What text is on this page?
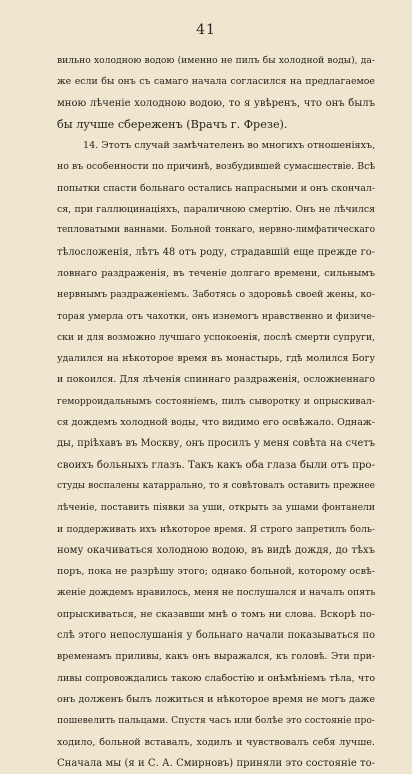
41
вильно холодною водою (именно не пилъ бы холодной воды), да-
же если бы онъ съ самаго начала согласился на предлагаемое
мною лѣченіе холодною водою, то я увѣренъ, что онъ былъ
бы лучше сбереженъ (Врачъ г. Фрезе).
14. Этотъ случай замѣчателенъ во многихъ отношеніяхъ,
но въ особенности по причинѣ, возбудившей сумасшествіе. Всѣ
попытки спасти больнаго остались напрасными и онъ скончал-
ся, при галлюцинаціяхъ, параличною смертію. Онъ не лѣчился
тепловатыми ваннами. Больной тонкаго, нервно-лимфатическаго
тѣлосложенія, лѣтъ 48 отъ роду, страдавшій еще прежде го-
ловнаго раздраженія, въ теченіе долгаго времени, сильнымъ
нервнымъ раздраженіемъ. Заботясь о здоровьѣ своей жены, ко-
торая умерла отъ чахотки, онъ изнемогъ нравственно и физиче-
ски и для возможно лучшаго успокоенія, послѣ смерти супруги,
удалился на нѣкоторое время въ монастырь, гдѣ молился Богу
и покоился. Для лѣченія спиннаго раздраженія, осложненнаго
геморроидальнымъ состояніемъ, пилъ сыворотку и опрыскивал-
ся дождемъ холодной воды, что видимо его освѣжало. Однаж-
ды, пріѣхавъ въ Москву, онъ просилъ у меня совѣта на счетъ
своихъ больныхъ глазъ. Такъ какъ оба глаза были отъ про-
студы воспалены катаррально, то я совѣтовалъ оставить прежнее
лѣченіе, поставить піявки за уши, открыть за ушами фонтанели
и поддерживать ихъ нѣкоторое время. Я строго запретилъ боль-
ному окачиваться холодною водою, въ видѣ дождя, до тѣхъ
поръ, пока не разрѣшу этого; однако больной, которому освѣ-
женіе дождемъ нравилось, меня не послушался и началъ опять
опрыскиваться, не сказавши мнѣ о томъ ни слова. Вскорѣ по-
слѣ этого непослушанія у больнаго начали показываться по
временамъ приливы, какъ онъ выражался, къ головѣ. Эти при-
ливы сопровождались такою слабостію и онѣмѣніемъ тѣла, что
онъ долженъ былъ ложиться и нѣкоторое время не могъ даже
пошевелить пальцами. Спустя часъ или болѣе это состояніе про-
ходило, больной вставалъ, ходилъ и чувствовалъ себя лучше.
Сначала мы (я и С. А. Смирновъ) приняли это состояніе то-
